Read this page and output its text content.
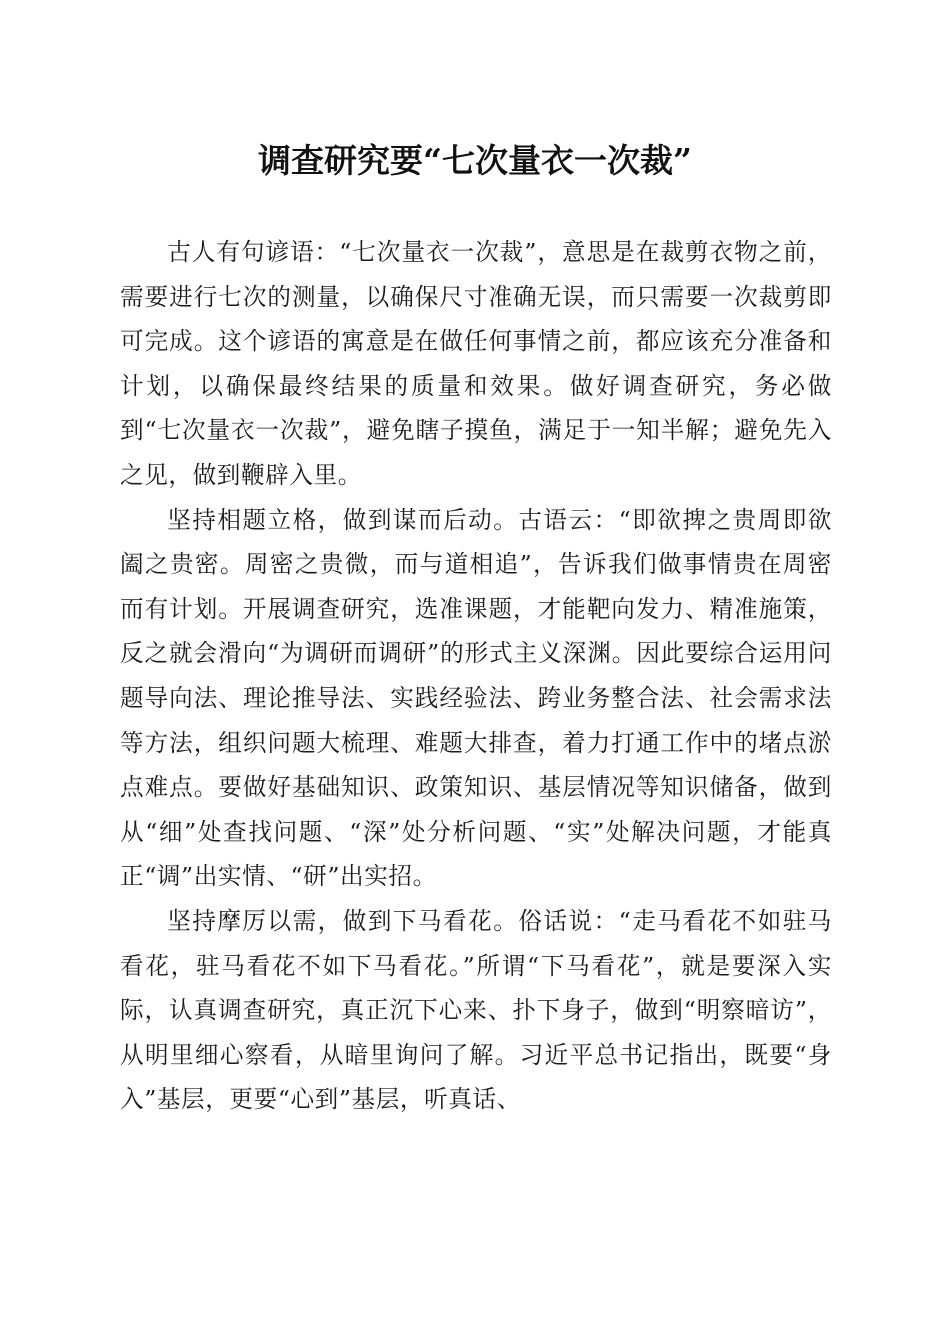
调查研究要“七次量衣一次裁”

古人有句谚语：“七次量衣一次裁”，意思是在裁剪衣物之前，需要进行七次的测量，以确保尺寸准确无误，而只需要一次裁剪即可完成。这个谚语的寓意是在做任何事情之前，都应该充分准备和计划，以确保最终结果的质量和效果。做好调查研究，务必做到“七次量衣一次裁”，避免瞎子摸鱼，满足于一知半解；避免先入之见，做到鞭辟入里。

坚持相题立格，做到谋而后动。古语云：“即欲捭之贵周即欲阖之贵密。周密之贵微，而与道相追”，告诉我们做事情贵在周密而有计划。开展调查研究，选准课题，才能靶向发力、精准施策，反之就会滑向“为调研而调研”的形式主义深渊。因此要综合运用问题导向法、理论推导法、实践经验法、跨业务整合法、社会需求法等方法，组织问题大梳理、难题大排查，着力打通工作中的堵点淤点难点。要做好基础知识、政策知识、基层情况等知识储备，做到从“细”处查找问题、“深”处分析问题、“实”处解决问题，才能真正“调”出实情、“研”出实招。

坚持摩厉以需，做到下马看花。俗话说：“走马看花不如驻马看花，驻马看花不如下马看花。”所谓“下马看花”，就是要深入实际，认真调查研究，真正沉下心来、扑下身子，做到“明察暗访”，从明里细心察看，从暗里询问了解。习近平总书记指出，既要“身入”基层，更要“心到”基层，听真话、
